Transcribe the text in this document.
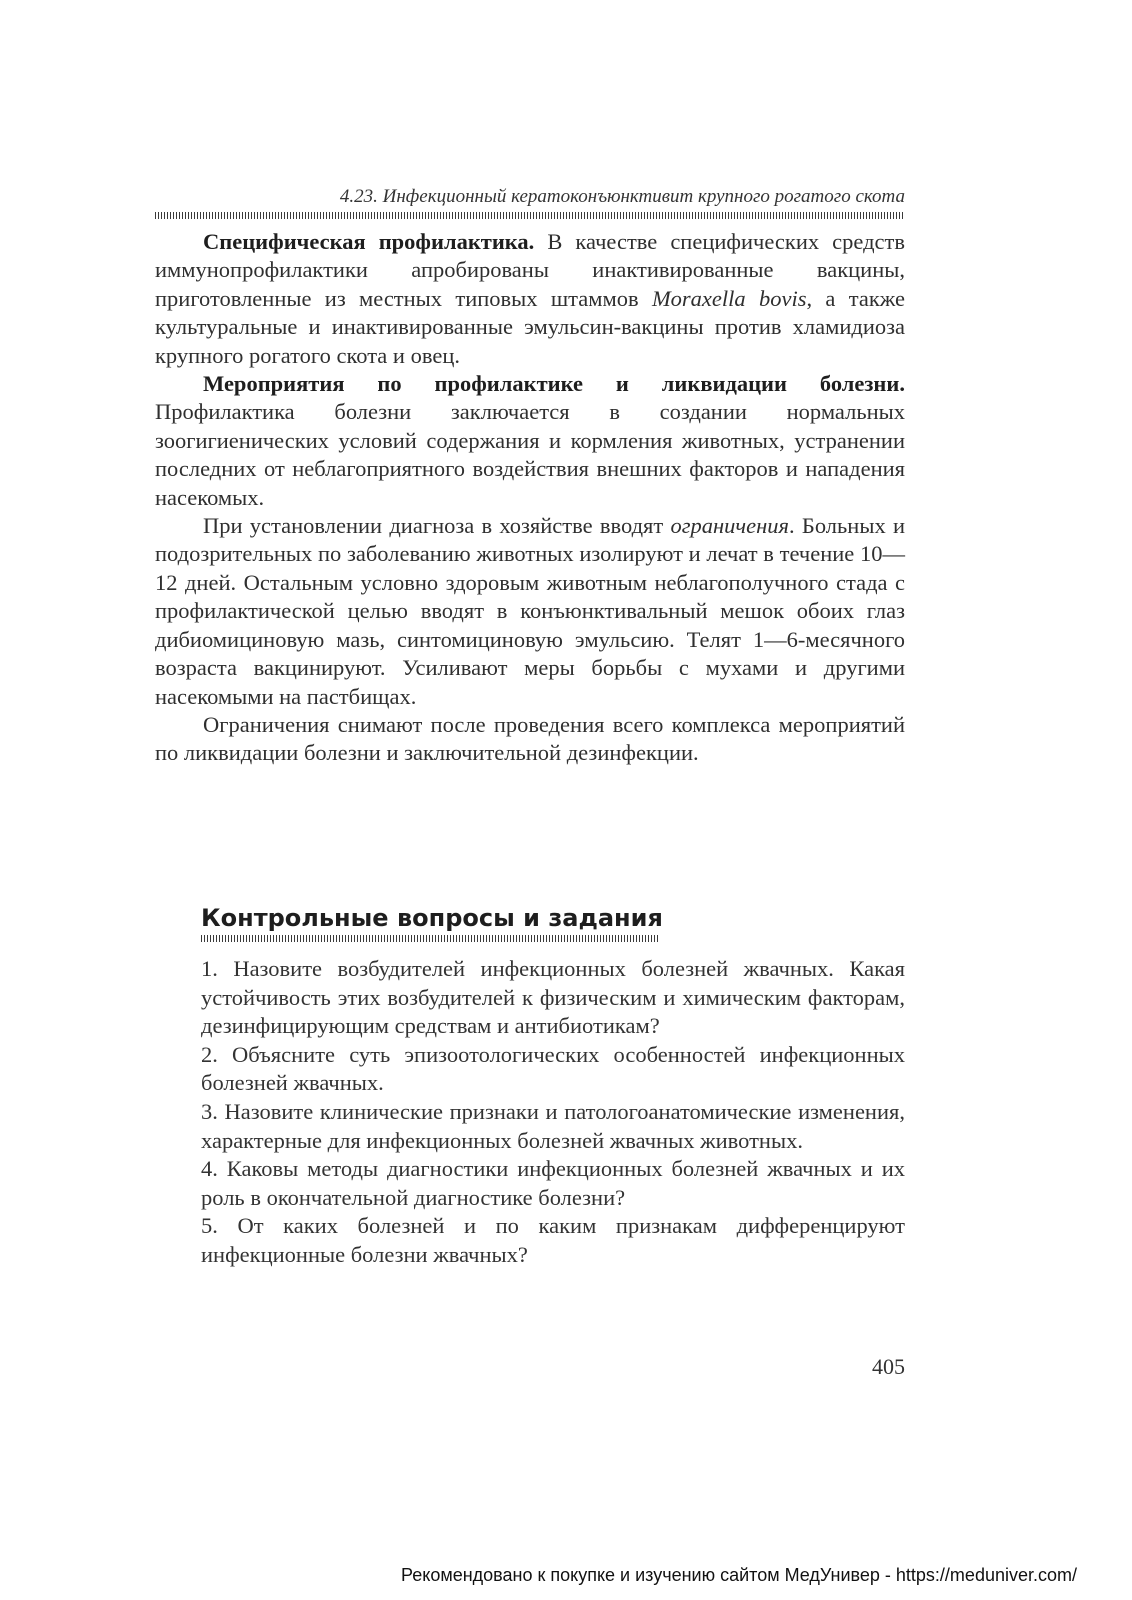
4.23. Инфекционный кератоконъюнктивит крупного рогатого скота

Специфическая профилактика. В качестве специфических средств иммунопрофилактики апробированы инактивированные вакцины, приготовленные из местных типовых штаммов Moraxella bovis, а также культуральные и инактивированные эмульсин-вакцины против хламидиоза крупного рогатого скота и овец.

Мероприятия по профилактике и ликвидации болезни. Профилактика болезни заключается в создании нормальных зоогигиенических условий содержания и кормления животных, устранении последних от неблагоприятного воздействия внешних факторов и нападения насекомых.

При установлении диагноза в хозяйстве вводят ограничения. Больных и подозрительных по заболеванию животных изолируют и лечат в течение 10—12 дней. Остальным условно здоровым животным неблагополучного стада с профилактической целью вводят в конъюнктивальный мешок обоих глаз дибиомициновую мазь, синтомициновую эмульсию. Телят 1—6-месячного возраста вакцинируют. Усиливают меры борьбы с мухами и другими насекомыми на пастбищах.

Ограничения снимают после проведения всего комплекса мероприятий по ликвидации болезни и заключительной дезинфекции.

Контрольные вопросы и задания

1. Назовите возбудителей инфекционных болезней жвачных. Какая устойчивость этих возбудителей к физическим и химическим факторам, дезинфицирующим средствам и антибиотикам?

2. Объясните суть эпизоотологических особенностей инфекционных болезней жвачных.

3. Назовите клинические признаки и патологоанатомические изменения, характерные для инфекционных болезней жвачных животных.

4. Каковы методы диагностики инфекционных болезней жвачных и их роль в окончательной диагностике болезни?

5. От каких болезней и по каким признакам дифференцируют инфекционные болезни жвачных?

405
Рекомендовано к покупке и изучению сайтом МедУнивер - https://meduniver.com/
